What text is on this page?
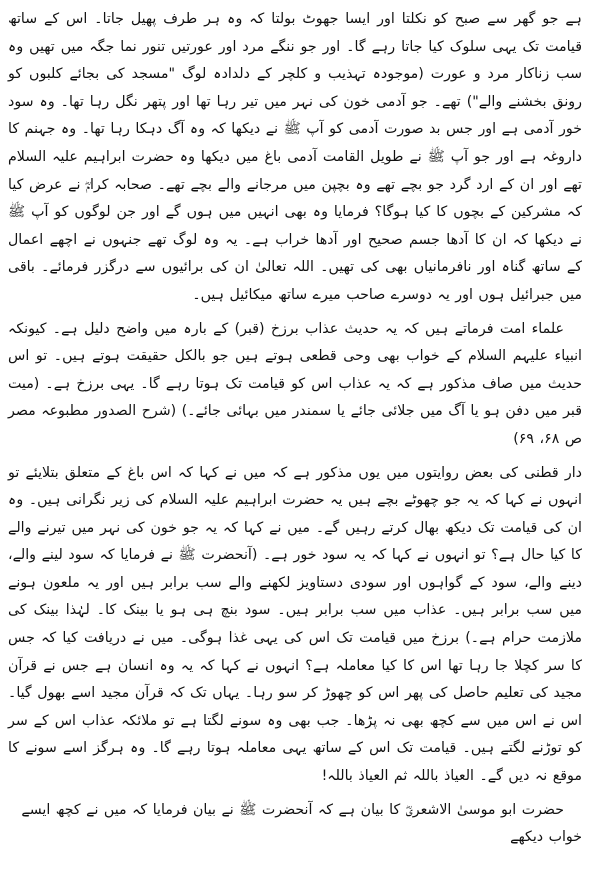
ہے جو گھر سے صبح کو نکلتا اور ایسا جھوٹ بولتا کہ وہ ہر طرف پھیل جاتا۔ اس کے ساتھ قیامت تک یہی سلوک کیا جاتا رہے گا۔ اور جو ننگے مرد اور عورتیں تنور نما جگہ میں تھیں وہ سب زناکار مرد و عورت (موجودہ تہذیب و کلچر کے دلدادہ لوگ "مسجد کی بجائے کلبوں کو رونق بخشنے والے") تھے۔ جو آدمی خون کی نہر میں تیر رہا تھا اور پتھر نگل رہا تھا۔ وہ سود خور آدمی ہے اور جس بد صورت آدمی کو آپ ﷺ نے دیکھا کہ وہ آگ دہکا رہا تھا۔ وہ جہنم کا داروغہ ہے اور جو آپ ﷺ نے طویل القامت آدمی باغ میں دیکھا وہ حضرت ابراہیم علیہ السلام تھے اور ان کے ارد گرد جو بچے تھے وہ بچپن میں مرجانے والے بچے تھے۔ صحابہ کرامؓ نے عرض کیا کہ مشرکین کے بچوں کا کیا ہوگا؟ فرمایا وہ بھی انہیں میں ہوں گے اور جن لوگوں کو آپ ﷺ نے دیکھا کہ ان کا آدھا جسم صحیح اور آدھا خراب ہے۔ یہ وہ لوگ تھے جنہوں نے اچھے اعمال کے ساتھ گناہ اور نافرمانیاں بھی کی تھیں۔ اللہ تعالیٰ ان کی برائیوں سے درگزر فرمائے۔ باقی میں جبرائیل ہوں اور یہ دوسرے صاحب میرے ساتھ میکائیل ہیں۔

علماء امت فرماتے ہیں کہ یہ حدیث عذاب برزخ (قبر) کے بارہ میں واضح دلیل ہے۔ کیونکہ انبیاء علیہم السلام کے خواب بھی وحی قطعی ہوتے ہیں جو بالکل حقیقت ہوتے ہیں۔ تو اس حدیث میں صاف مذکور ہے کہ یہ عذاب اس کو قیامت تک ہوتا رہے گا۔ یہی برزخ ہے۔ (میت قبر میں دفن ہو یا آگ میں جلائی جائے یا سمندر میں بہائی جائے۔) (شرح الصدور مطبوعہ مصر ص ۶۸، ۶۹)

دار قطنی کی بعض روایتوں میں یوں مذکور ہے کہ میں نے کہا کہ اس باغ کے متعلق بتلایئے تو انہوں نے کہا کہ یہ جو چھوٹے بچے ہیں یہ حضرت ابراہیم علیہ السلام کی زیر نگرانی ہیں۔ وہ ان کی قیامت تک دیکھ بھال کرتے رہیں گے۔ میں نے کہا کہ یہ جو خون کی نہر میں تیرنے والے کا کیا حال ہے؟ تو انہوں نے کہا کہ یہ سود خور ہے۔ (آنحضرت ﷺ نے فرمایا کہ سود لینے والے، دینے والے، سود کے گواہوں اور سودی دستاویز لکھنے والے سب برابر ہیں اور یہ ملعون ہونے میں سب برابر ہیں۔ عذاب میں سب برابر ہیں۔ سود بنچ ہی ہو یا بینک کا۔ لہٰذا بینک کی ملازمت حرام ہے۔) برزخ میں قیامت تک اس کی یہی غذا ہوگی۔ میں نے دریافت کیا کہ جس کا سر کچلا جا رہا تھا اس کا کیا معاملہ ہے؟ انہوں نے کہا کہ یہ وہ انسان ہے جس نے قرآن مجید کی تعلیم حاصل کی پھر اس کو چھوڑ کر سو رہا۔ یہاں تک کہ قرآن مجید اسے بھول گیا۔ اس نے اس میں سے کچھ بھی نہ پڑھا۔ جب بھی وہ سونے لگتا ہے تو ملائکہ عذاب اس کے سر کو توڑنے لگتے ہیں۔ قیامت تک اس کے ساتھ یہی معاملہ ہوتا رہے گا۔ وہ ہرگز اسے سونے کا موقع نہ دیں گے۔ العیاذ باللہ ثم العیاذ باللہ!

حضرت ابو موسیٰ الاشعریؓ کا بیان ہے کہ آنحضرت ﷺ نے بیان فرمایا کہ میں نے کچھ ایسے خواب دیکھے
